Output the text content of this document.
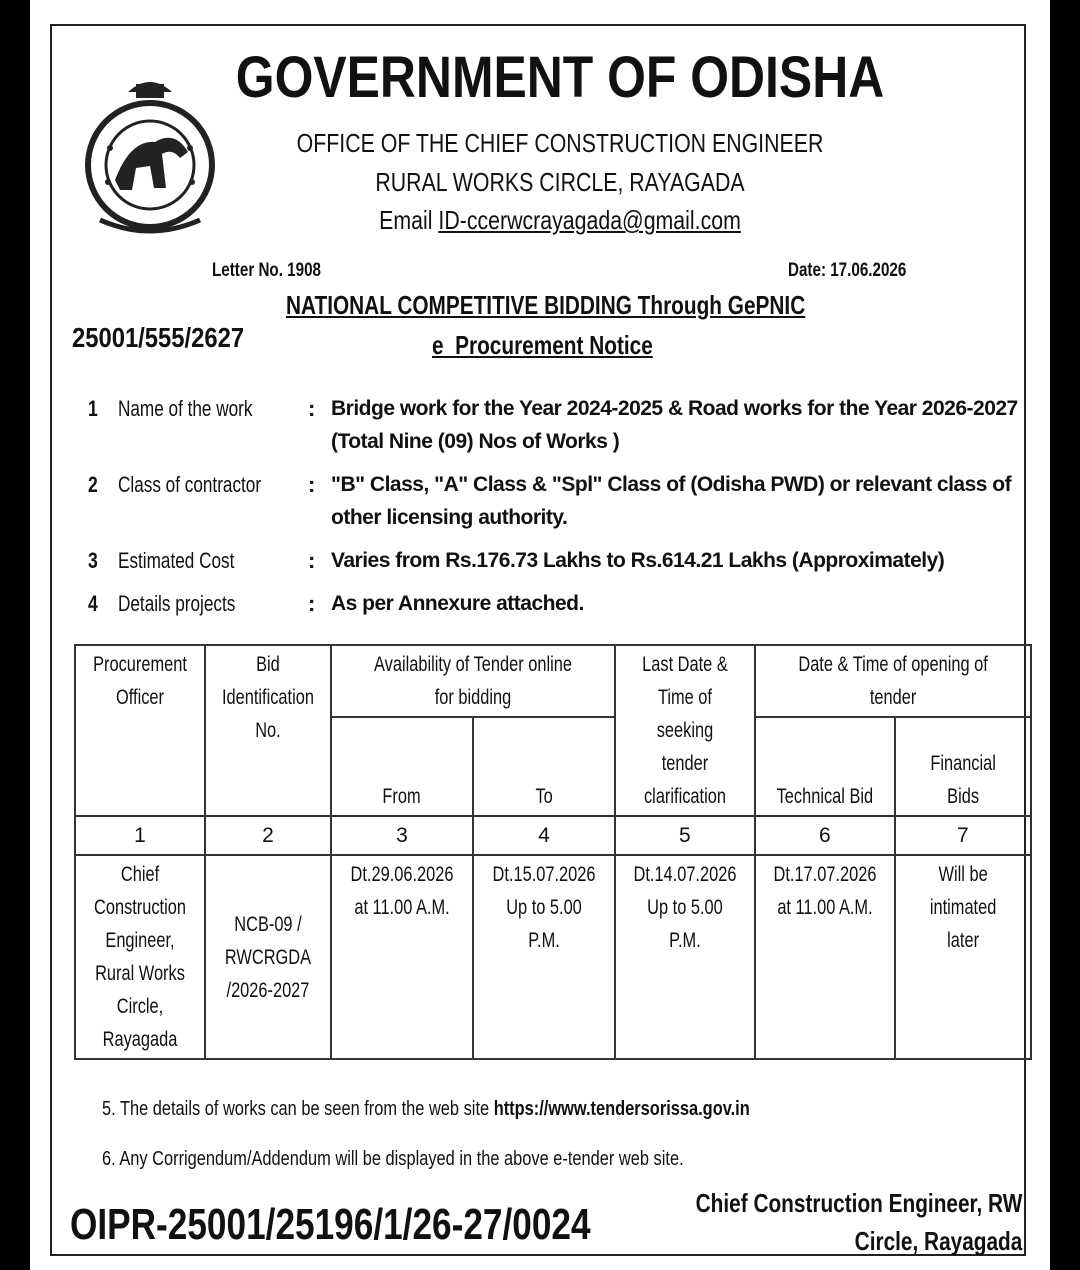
GOVERNMENT OF ODISHA
OFFICE OF THE CHIEF CONSTRUCTION ENGINEER
RURAL WORKS CIRCLE, RAYAGADA
Email ID-ccerwcrayagada@gmail.com
Letter No. 1908	Date: 17.06.2026
NATIONAL COMPETITIVE BIDDING Through GePNIC
25001/555/2627	e_Procurement Notice
1 Name of the work	: Bridge work for the Year 2024-2025 & Road works for the Year 2026-2027 (Total Nine (09) Nos of Works )
2 Class of contractor : "B" Class, "A" Class & "Spl" Class of (Odisha PWD) or relevant class of other licensing authority.
3 Estimated Cost	: Varies from Rs.176.73 Lakhs to Rs.614.21 Lakhs (Approximately)
4 Details projects	: As per Annexure attached.
Procurement Officer	Bid Identification No.	Availability of Tender online for bidding		Last Date & Time of seeking tender clarification	Date & Time of opening of tender	
		From	To		Technical Bid	Financial Bids
1	2	3	4	5	6	7
Chief Construction Engineer, Rural Works Circle, Rayagada	NCB-09 / RWCRGDA /2026-2027	Dt.29.06.2026 at 11.00 A.M.	Dt.15.07.2026 Up to 5.00 P.M.	Dt.14.07.2026 Up to 5.00 P.M.	Dt.17.07.2026 at 11.00 A.M.	Will be intimated later
5. The details of works can be seen from the web site https://www.tendersorissa.gov.in
6. Any Corrigendum/Addendum will be displayed in the above e-tender web site.
OIPR-25001/25196/1/26-27/0024	Chief Construction Engineer, RW
Circle, Rayagada
